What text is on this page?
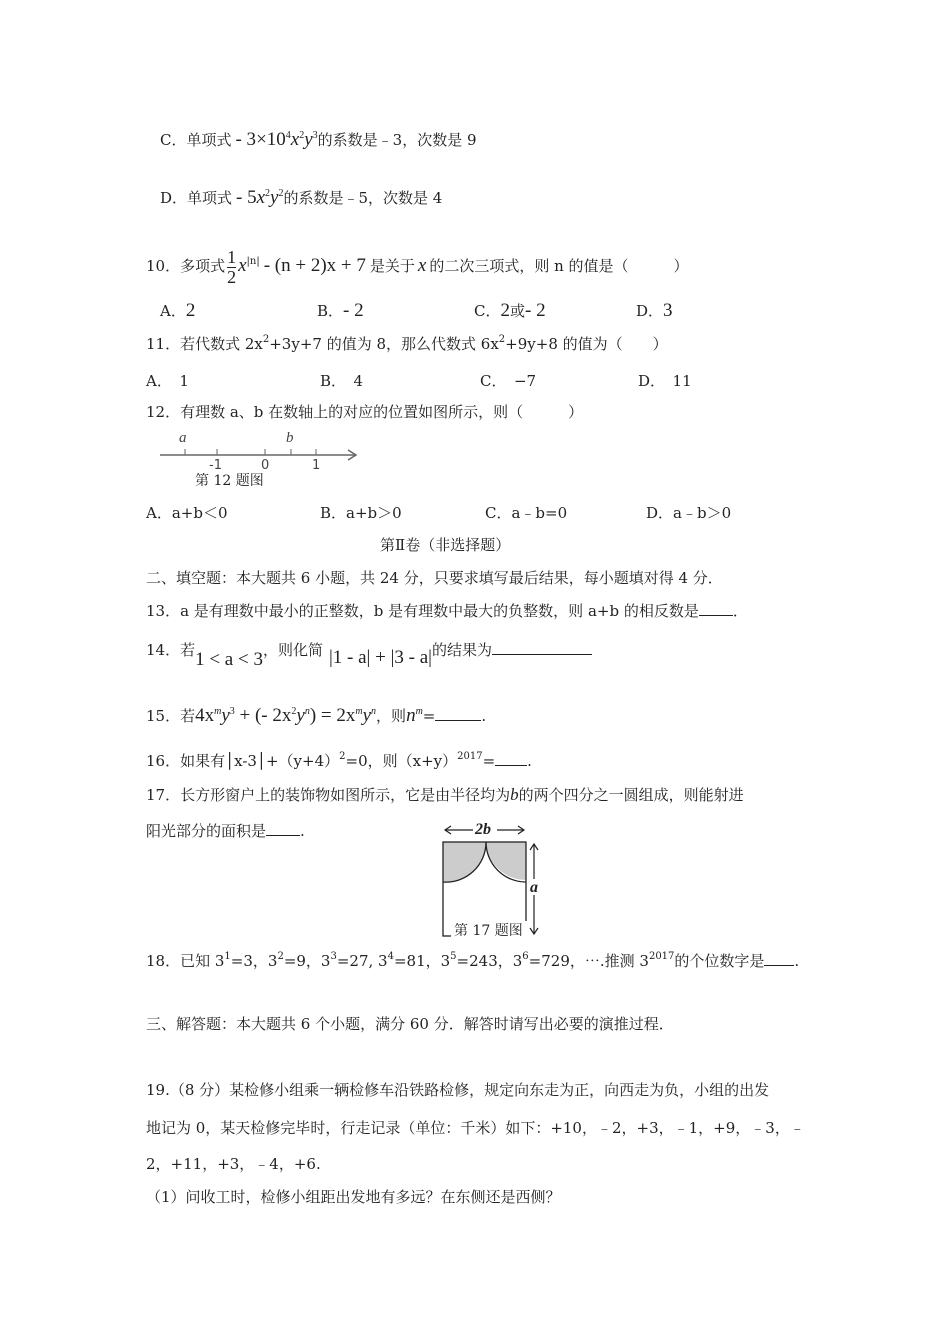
C．单项式 - $3\times 10^4x^2y^3$的系数是﹣3，次数是 9
D．单项式 - $5x^2y^2$的系数是﹣5，次数是 4
10．多项式 $\frac{1}{2} x^{|n|} - (n + 2)x + 7$ 是关于 x 的二次三项式，则 n 的值是（　　　）
A．2	B．- 2	C．2或- 2	D．3
11．若代数式 $2x^2+3y+7$ 的值为 8，那么代数式 $6x^2+9y+8$ 的值为（　　）
A．　1	B．　4	C．　−7	D．　11
12．有理数 a、b 在数轴上的对应的位置如图所示，则（　　　）
a	b
-1	0	1
第 12 题图
A．a+b＜0	B．a+b＞0	C．a﹣b=0	D．a﹣b＞0
第Ⅱ卷（非选择题）
二、填空题：本大题共 6 小题，共 24 分，只要求填写最后结果，每小题填对得 4 分．
13．a 是有理数中最小的正整数，b 是有理数中最大的负整数，则 a+b 的相反数是 ．
14．若1 < a < 3，则化简 |1 - a| + |3 - a|的结果为
15．若$4x^my^3$ + (- $2x^2y^n) = 2x^my^n$，则$n^m=$	.
16．如果有$│x-3│+(y+4)^2=0$，则$(x+y)^{2017}=$ .
17．长方形窗户上的装饰物如图所示，它是由半径均为b的两个四分之一圆组成，则能射进
阳光部分的面积是 .	2b
a
第 17 题图
18．已知 $3^1=3$，$3^2=9$，$3^3=27$, $3^4=81$，$3^5=243$，$3^6=729$，⋯.推测 $3^{2017}$的个位数字是 .
三、解答题：本大题共 6 个小题，满分 60 分．解答时请写出必要的演推过程．
19.（8 分）某检修小组乘一辆检修车沿铁路检修，规定向东走为正，向西走为负，小组的出发
地记为 0，某天检修完毕时，行走记录（单位：千米）如下：+10，﹣2，+3，﹣1，+9，﹣3，﹣
2，+11，+3，﹣4，+6.
（1）问收工时，检修小组距出发地有多远？在东侧还是西侧？
